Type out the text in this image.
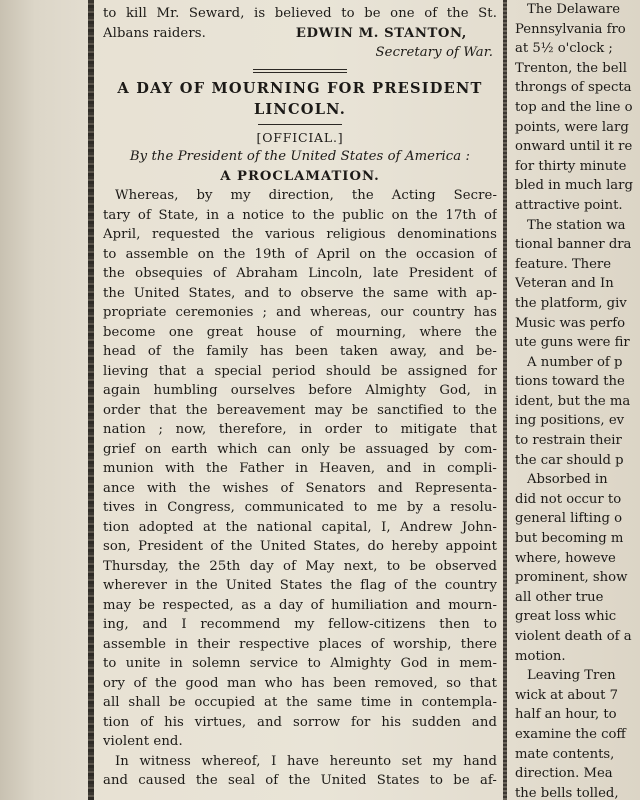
to kill Mr. Seward, is believed to be one of the St.
Albans raiders.	EDWIN M. STANTON,
Secretary of War.
A DAY OF MOURNING FOR PRESIDENT
LINCOLN.
[OFFICIAL.]
By the President of the United States of America :
A PROCLAMATION.
Whereas, by my direction, the Acting Secre-
tary of State, in a notice to the public on the 17th of
April, requested the various religious denominations
to assemble on the 19th of April on the occasion of
the obsequies of Abraham Lincoln, late President of
the United States, and to observe the same with ap-
propriate ceremonies ; and whereas, our country has
become one great house of mourning, where the
head of the family has been taken away, and be-
lieving that a special period should be assigned for
again humbling ourselves before Almighty God, in
order that the bereavement may be sanctified to the
nation ; now, therefore, in order to mitigate that
grief on earth which can only be assuaged by com-
munion with the Father in Heaven, and in compli-
ance with the wishes of Senators and Representa-
tives in Congress, communicated to me by a resolu-
tion adopted at the national capital, I, Andrew John-
son, President of the United States, do hereby appoint
Thursday, the 25th day of May next, to be observed
wherever in the United States the flag of the country
may be respected, as a day of humiliation and mourn-
ing, and I recommend my fellow-citizens then to
assemble in their respective places of worship, there
to unite in solemn service to Almighty God in mem-
ory of the good man who has been removed, so that
all shall be occupied at the same time in contempla-
tion of his virtues, and sorrow for his sudden and
violent end.
In witness whereof, I have hereunto set my hand
and caused the seal of the United States to be af-
The Delaware
Pennsylvania fro
at 5½ o'clock ;
Trenton, the bell
throngs of specta
top and the line o
points, were larg
onward until it re
for thirty minute
bled in much larg
attractive point.
The station wa
tional banner dra
feature. There
Veteran and In
the platform, giv
Music was perfo
ute guns were fir
A number of p
tions toward the
ident, but the ma
ing positions, ev
to restrain their
the car should p
Absorbed in
did not occur to
general lifting o
but becoming m
where, howeve
prominent, show
all other true
great loss whic
violent death of a
motion.
Leaving Tren
wick at about 7
half an hour, to
examine the coff
mate contents,
direction. Mea
the bells tolled,
